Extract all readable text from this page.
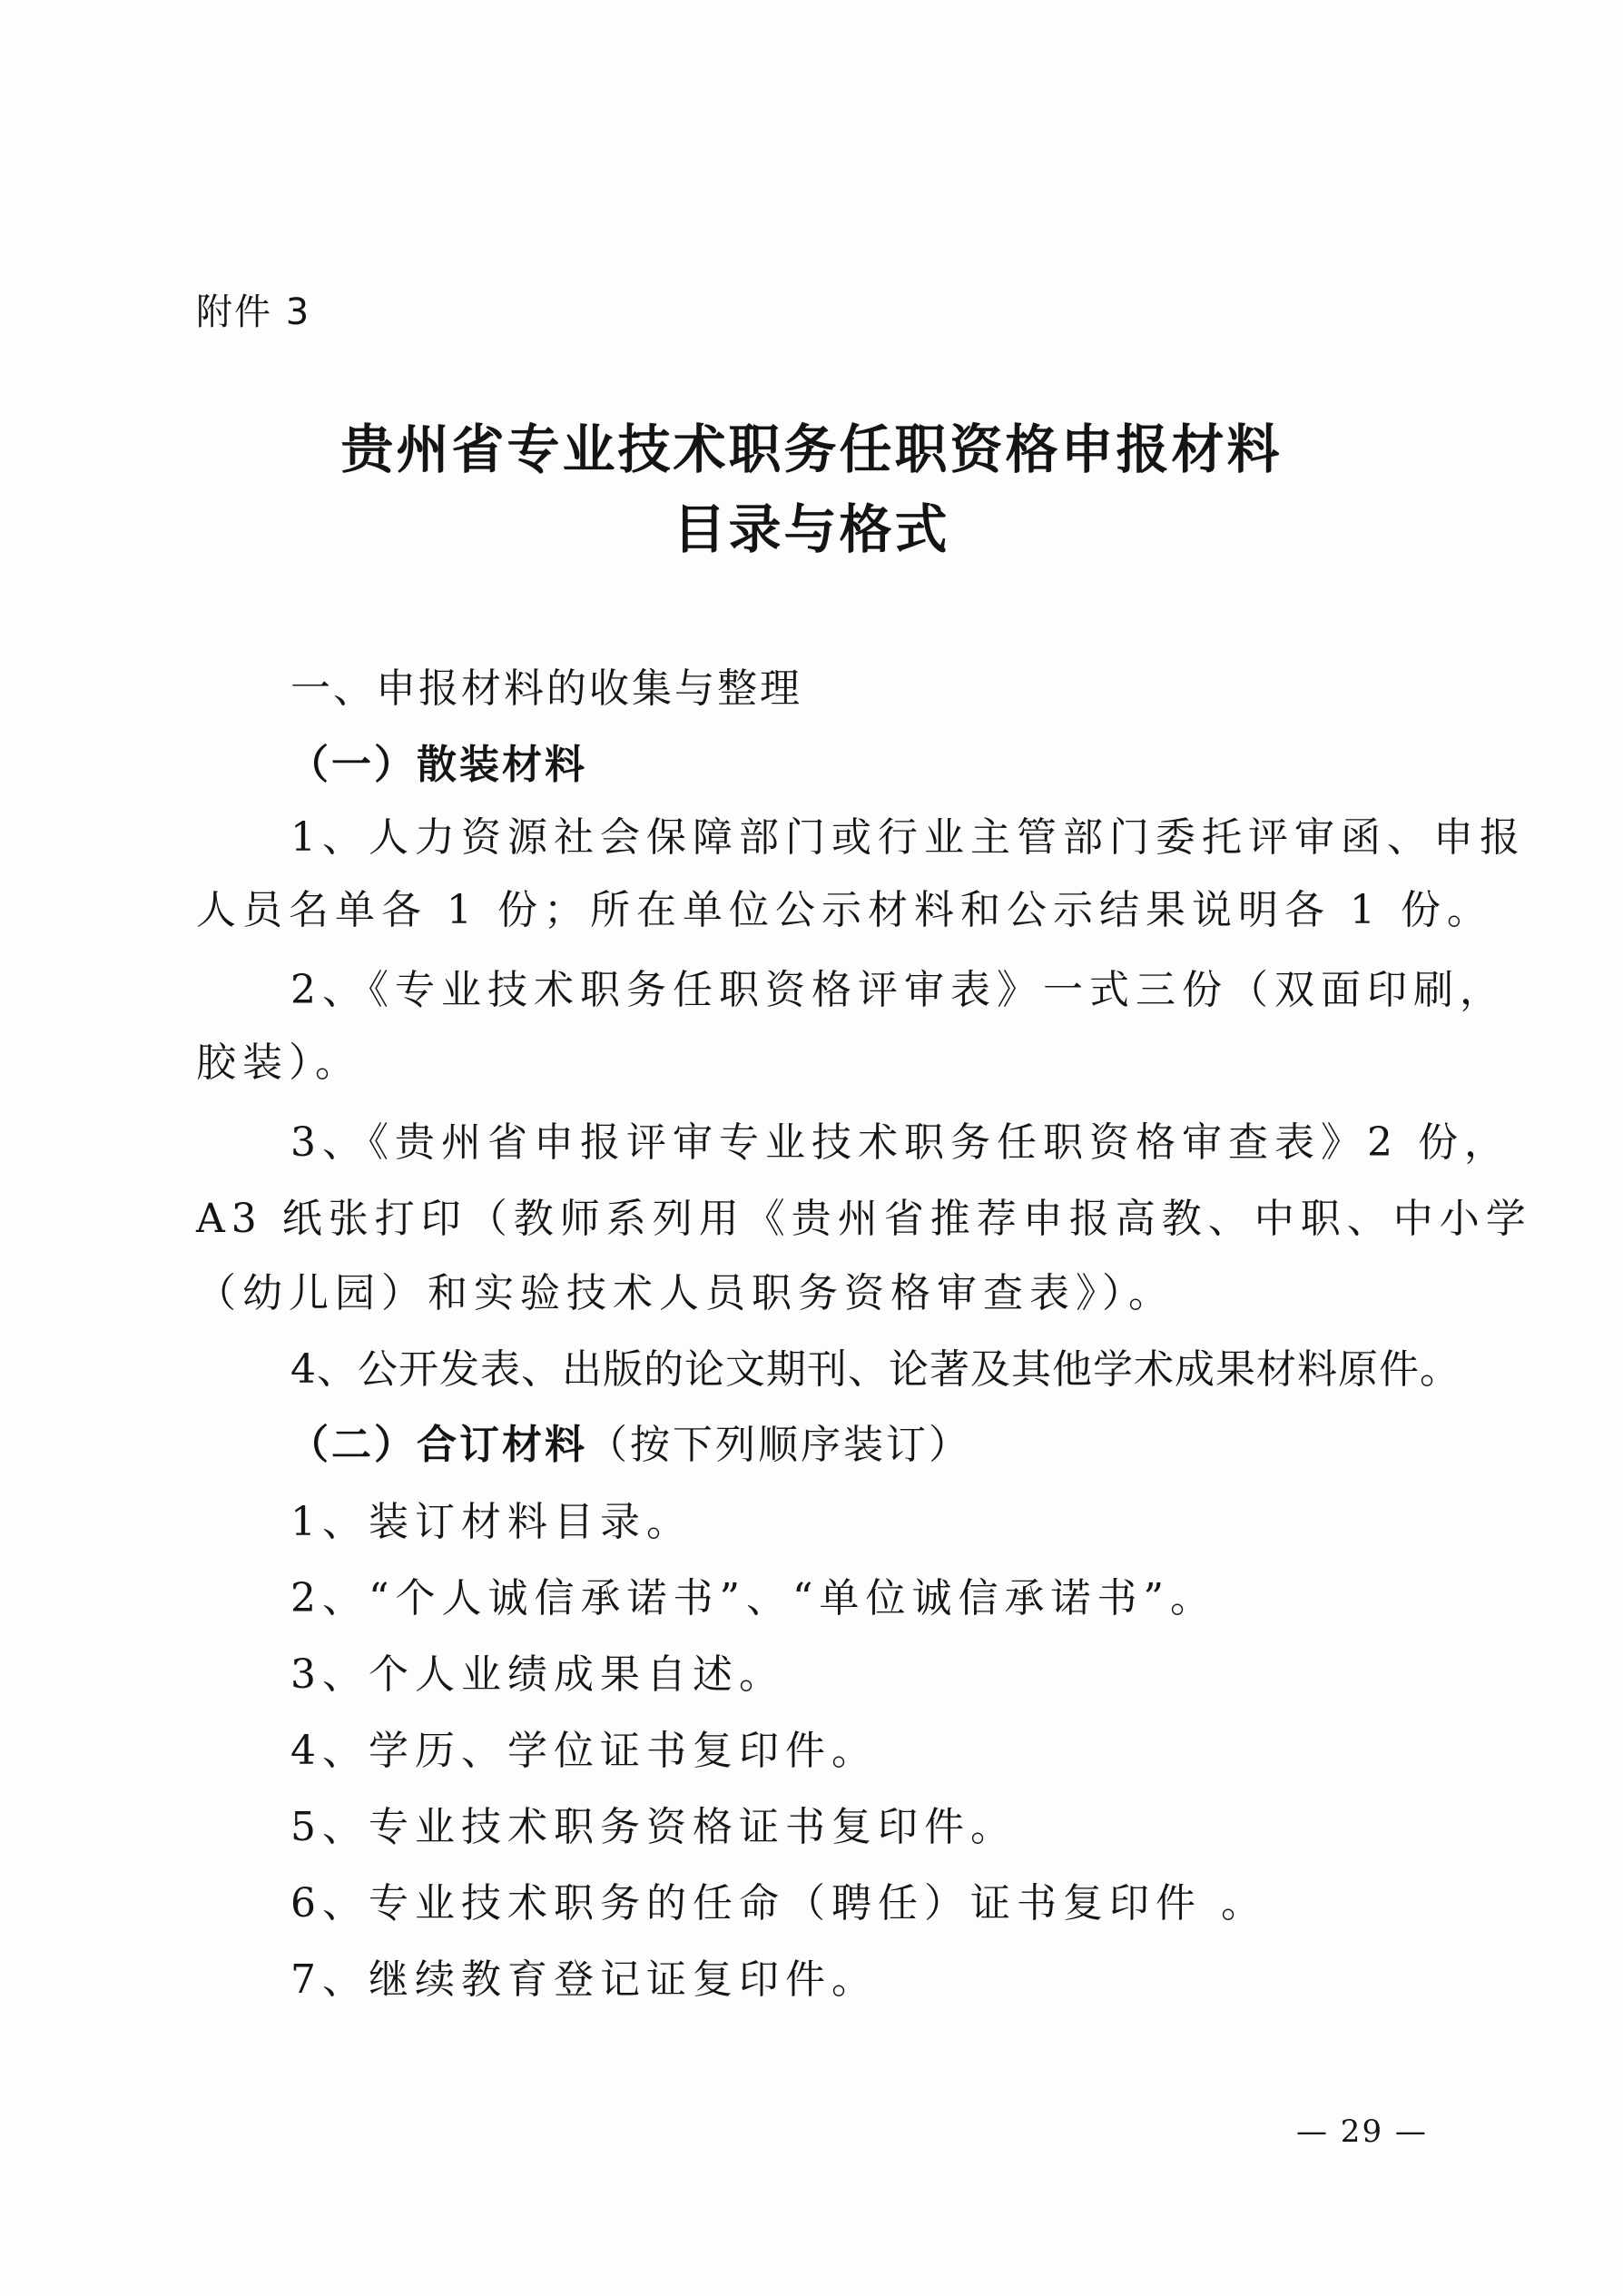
附件 3
贵州省专业技术职务任职资格申报材料
目录与格式
一、申报材料的收集与整理
（一）散装材料
1、人力资源社会保障部门或行业主管部门委托评审函、申报
人员名单各 1 份；所在单位公示材料和公示结果说明各 1 份。
2、《专业技术职务任职资格评审表》一式三份（双面印刷，
胶装）。
3、《贵州省申报评审专业技术职务任职资格审查表》2 份，
A3 纸张打印（教师系列用《贵州省推荐申报高教、中职、中小学
（幼儿园）和实验技术人员职务资格审查表》）。
4、公开发表、出版的论文期刊、论著及其他学术成果材料原件。
（二）合订材料（按下列顺序装订）
1、装订材料目录。
2、“个人诚信承诺书”、“单位诚信承诺书”。
3、个人业绩成果自述。
4、学历、学位证书复印件。
5、专业技术职务资格证书复印件。
6、专业技术职务的任命（聘任）证书复印件 。
7、继续教育登记证复印件。
— 29 —
